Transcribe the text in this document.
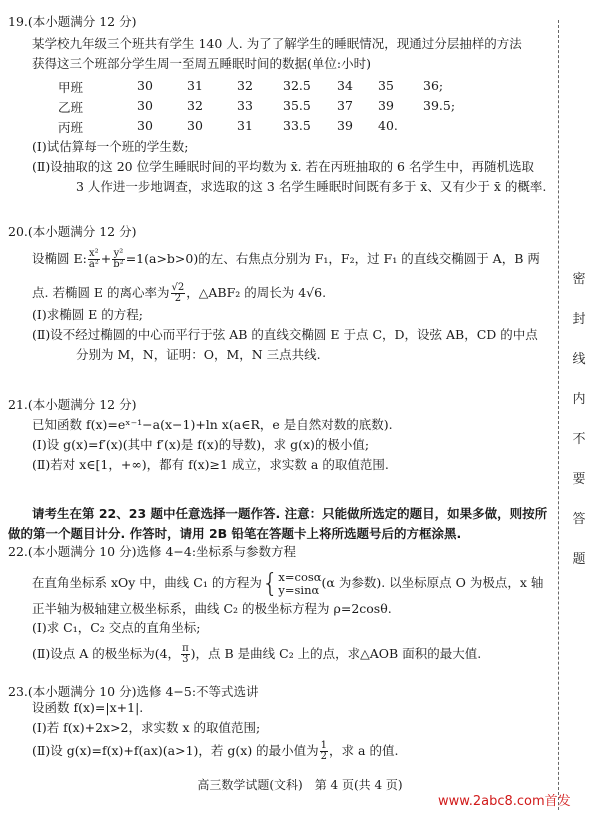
19.(本小题满分 12 分)
某学校九年级三个班共有学生 140 人. 为了了解学生的睡眠情况，现通过分层抽样的方法
获得这三个班部分学生周一至周五睡眠时间的数据(单位:小时)
甲班	30	31	32 32.5 34 35 36;
乙班	30	32	33 35.5 37 39 39.5;
丙班	30	30	31 33.5 39 40.
(Ⅰ)试估算每一个班的学生数;
(Ⅱ)设抽取的这 20 位学生睡眠时间的平均数为 x̄. 若在丙班抽取的 6 名学生中，再随机选取
3 人作进一步地调查，求选取的这 3 名学生睡眠时间既有多于 x̄、又有少于 x̄ 的概率.
20.(本小题满分 12 分)
设椭圆 E: $\frac{\text{x²}}{\text{a²}} + \frac{\text{y²}}{\text{b²}} =1(a>b>0)$的左、右焦点分别为 F₁，F₂，过 F₁ 的直线交椭圆于 A，B 两
点. 若椭圆 E 的离心率为 $\frac{√2}{2}$ ，△ABF₂ 的周长为 4√6.
(Ⅰ)求椭圆 E 的方程;
(Ⅱ)设不经过椭圆的中心而平行于弦 AB 的直线交椭圆 E 于点 C，D，设弦 AB，CD 的中点
分别为 M，N，证明：O，M，N 三点共线.
21.(本小题满分 12 分)
已知函数 f(x)=eˣ⁻¹−a(x−1)+ln x(a∈R，e 是自然对数的底数).
(Ⅰ)设 g(x)=f′(x)(其中 f′(x)是 f(x)的导数)，求 g(x)的极小值;
(Ⅱ)若对 x∈[1，+∞)，都有 f(x)≥1 成立，求实数 a 的取值范围.
请考生在第 22、23 题中任意选择一题作答. 注意：只能做所选定的题目，如果多做，则按所
做的第一个题目计分. 作答时，请用 2B 铅笔在答题卡上将所选题号后的方框涂黑.
22.(本小题满分 10 分)选修 4−4:坐标系与参数方程
在直角坐标系 xOy 中，曲线 C₁ 的方程为{ x=cosα
y=sinα (α 为参数). 以坐标原点 O 为极点，x 轴
正半轴为极轴建立极坐标系，曲线 C₂ 的极坐标方程为 ρ=2cosθ.
(Ⅰ)求 C₁，C₂ 交点的直角坐标;
(Ⅱ)设点 A 的极坐标为(4， $\frac{\pi}{3}$ )，点 B 是曲线 C₂ 上的点，求△AOB 面积的最大值.
23.(本小题满分 10 分)选修 4−5:不等式选讲
设函数 f(x)=|x+1|.
(Ⅰ)若 f(x)+2x>2，求实数 x 的取值范围;
(Ⅱ)设 g(x)=f(x)+f(ax)(a>1)，若 g(x) 的最小值为 $\frac{1}{2}$ ，求 a 的值.
密
封
线
内
不
要
答
题
高三数学试题(文科)　第 4 页(共 4 页)
www.2abc8.com首发
